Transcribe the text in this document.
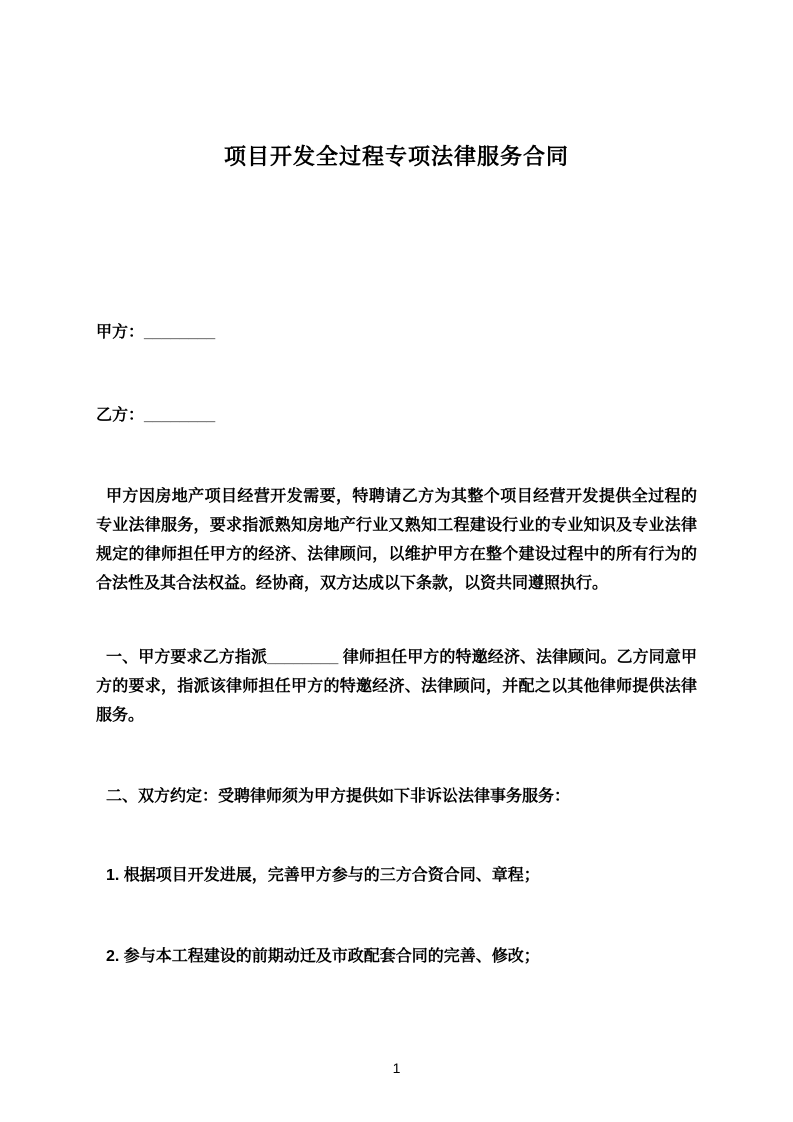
项目开发全过程专项法律服务合同
甲方：________
乙方：________

甲方因房地产项目经营开发需要，特聘请乙方为其整个项目经营开发提供全过程的专业法律服务，要求指派熟知房地产行业又熟知工程建设行业的专业知识及专业法律规定的律师担任甲方的经济、法律顾问，以维护甲方在整个建设过程中的所有行为的合法性及其合法权益。经协商，双方达成以下条款，以资共同遵照执行。

一、甲方要求乙方指派________ 律师担任甲方的特邀经济、法律顾问。乙方同意甲方的要求，指派该律师担任甲方的特邀经济、法律顾问，并配之以其他律师提供法律服务。

二、双方约定：受聘律师须为甲方提供如下非诉讼法律事务服务：

1. 根据项目开发进展，完善甲方参与的三方合资合同、章程；

2. 参与本工程建设的前期动迁及市政配套合同的完善、修改；

1
